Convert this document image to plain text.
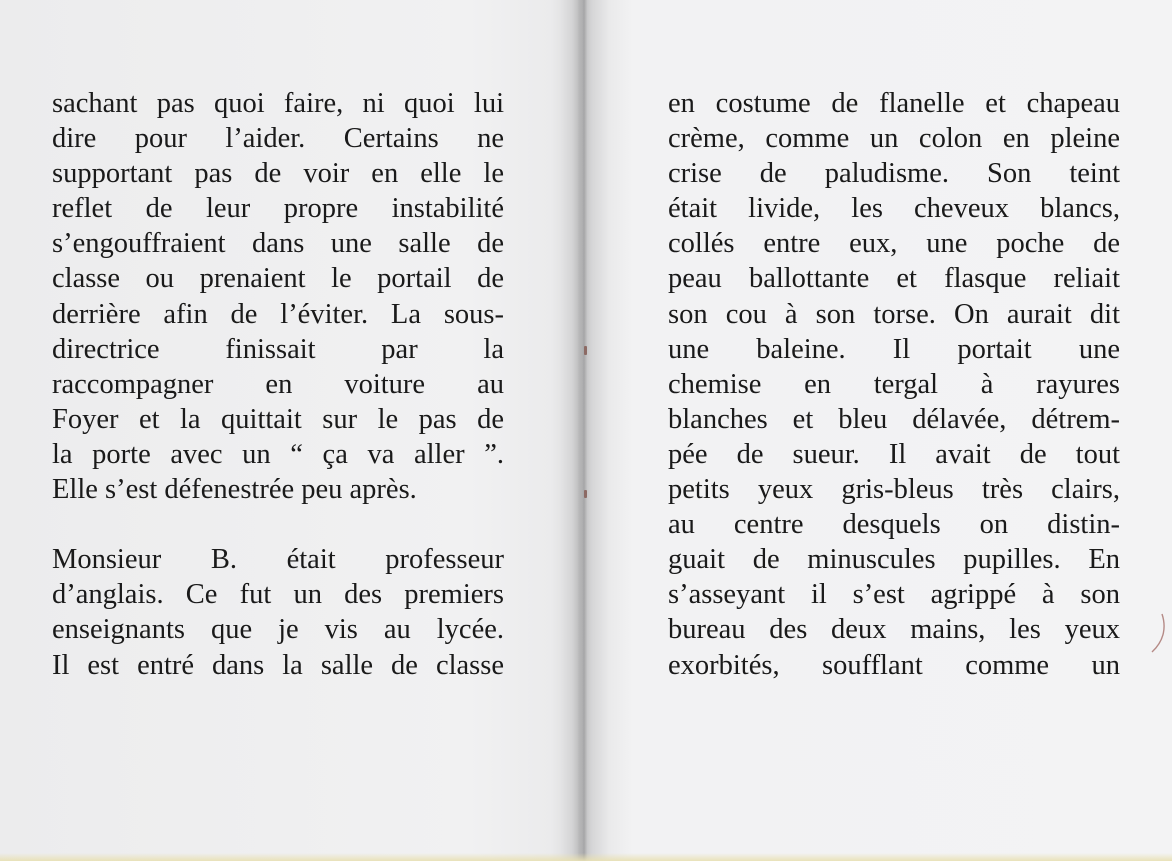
sachant pas quoi faire, ni quoi lui
dire pour l’aider. Certains ne
supportant pas de voir en elle le
reflet de leur propre instabilité
s’engouffraient dans une salle de
classe ou prenaient le portail de
derrière afin de l’éviter. La sous-
directrice finissait par la
raccompagner en voiture au
Foyer et la quittait sur le pas de
la porte avec un “ ça va aller ”.
Elle s’est défenestrée peu après.
Monsieur B. était professeur
d’anglais. Ce fut un des premiers
enseignants que je vis au lycée.
Il est entré dans la salle de classe
en costume de flanelle et chapeau
crème, comme un colon en pleine
crise de paludisme. Son teint
était livide, les cheveux blancs,
collés entre eux, une poche de
peau ballottante et flasque reliait
son cou à son torse. On aurait dit
une baleine. Il portait une
chemise en tergal à rayures
blanches et bleu délavée, détrem-
pée de sueur. Il avait de tout
petits yeux gris-bleus très clairs,
au centre desquels on distin-
guait de minuscules pupilles. En
s’asseyant il s’est agrippé à son
bureau des deux mains, les yeux
exorbités, soufflant comme un
